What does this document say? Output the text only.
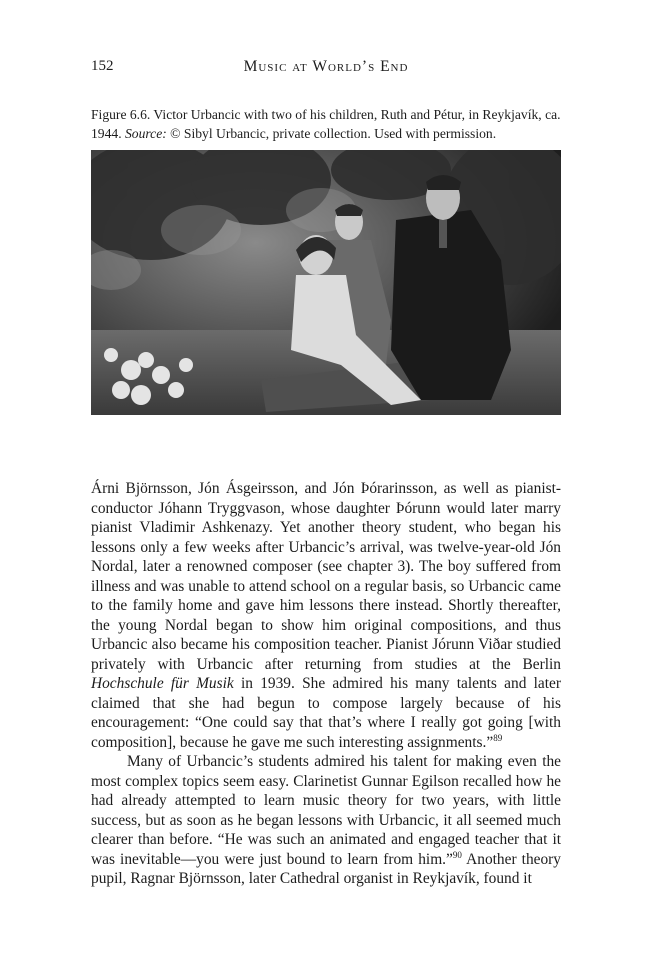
152	Music at World’s End
Figure 6.6. Victor Urbancic with two of his children, Ruth and Pétur, in Reykjavík, ca. 1944. Source: © Sibyl Urbancic, private collection. Used with permission.

Árni Björnsson, Jón Ásgeirsson, and Jón Þórarinsson, as well as pianist-conductor Jóhann Tryggvason, whose daughter Þórunn would later marry pianist Vladimir Ashkenazy. Yet another theory student, who began his lessons only a few weeks after Urbancic’s arrival, was twelve-year-old Jón Nordal, later a renowned composer (see chapter 3). The boy suffered from illness and was unable to attend school on a regular basis, so Urbancic came to the family home and gave him lessons there instead. Shortly thereafter, the young Nordal began to show him original compositions, and thus Urbancic also became his composition teacher. Pianist Jórunn Viðar studied privately with Urbancic after returning from studies at the Berlin Hochschule für Musik in 1939. She admired his many talents and later claimed that she had begun to compose largely because of his encouragement: “One could say that that’s where I really got going [with composition], because he gave me such interesting assignments.”$^{89}$

Many of Urbancic’s students admired his talent for making even the most complex topics seem easy. Clarinetist Gunnar Egilson recalled how he had already attempted to learn music theory for two years, with little success, but as soon as he began lessons with Urbancic, it all seemed much clearer than before. “He was such an animated and engaged teacher that it was inevitable—you were just bound to learn from him.”$^{90}$ Another theory pupil, Ragnar Björnsson, later Cathedral organist in Reykjavík, found it
